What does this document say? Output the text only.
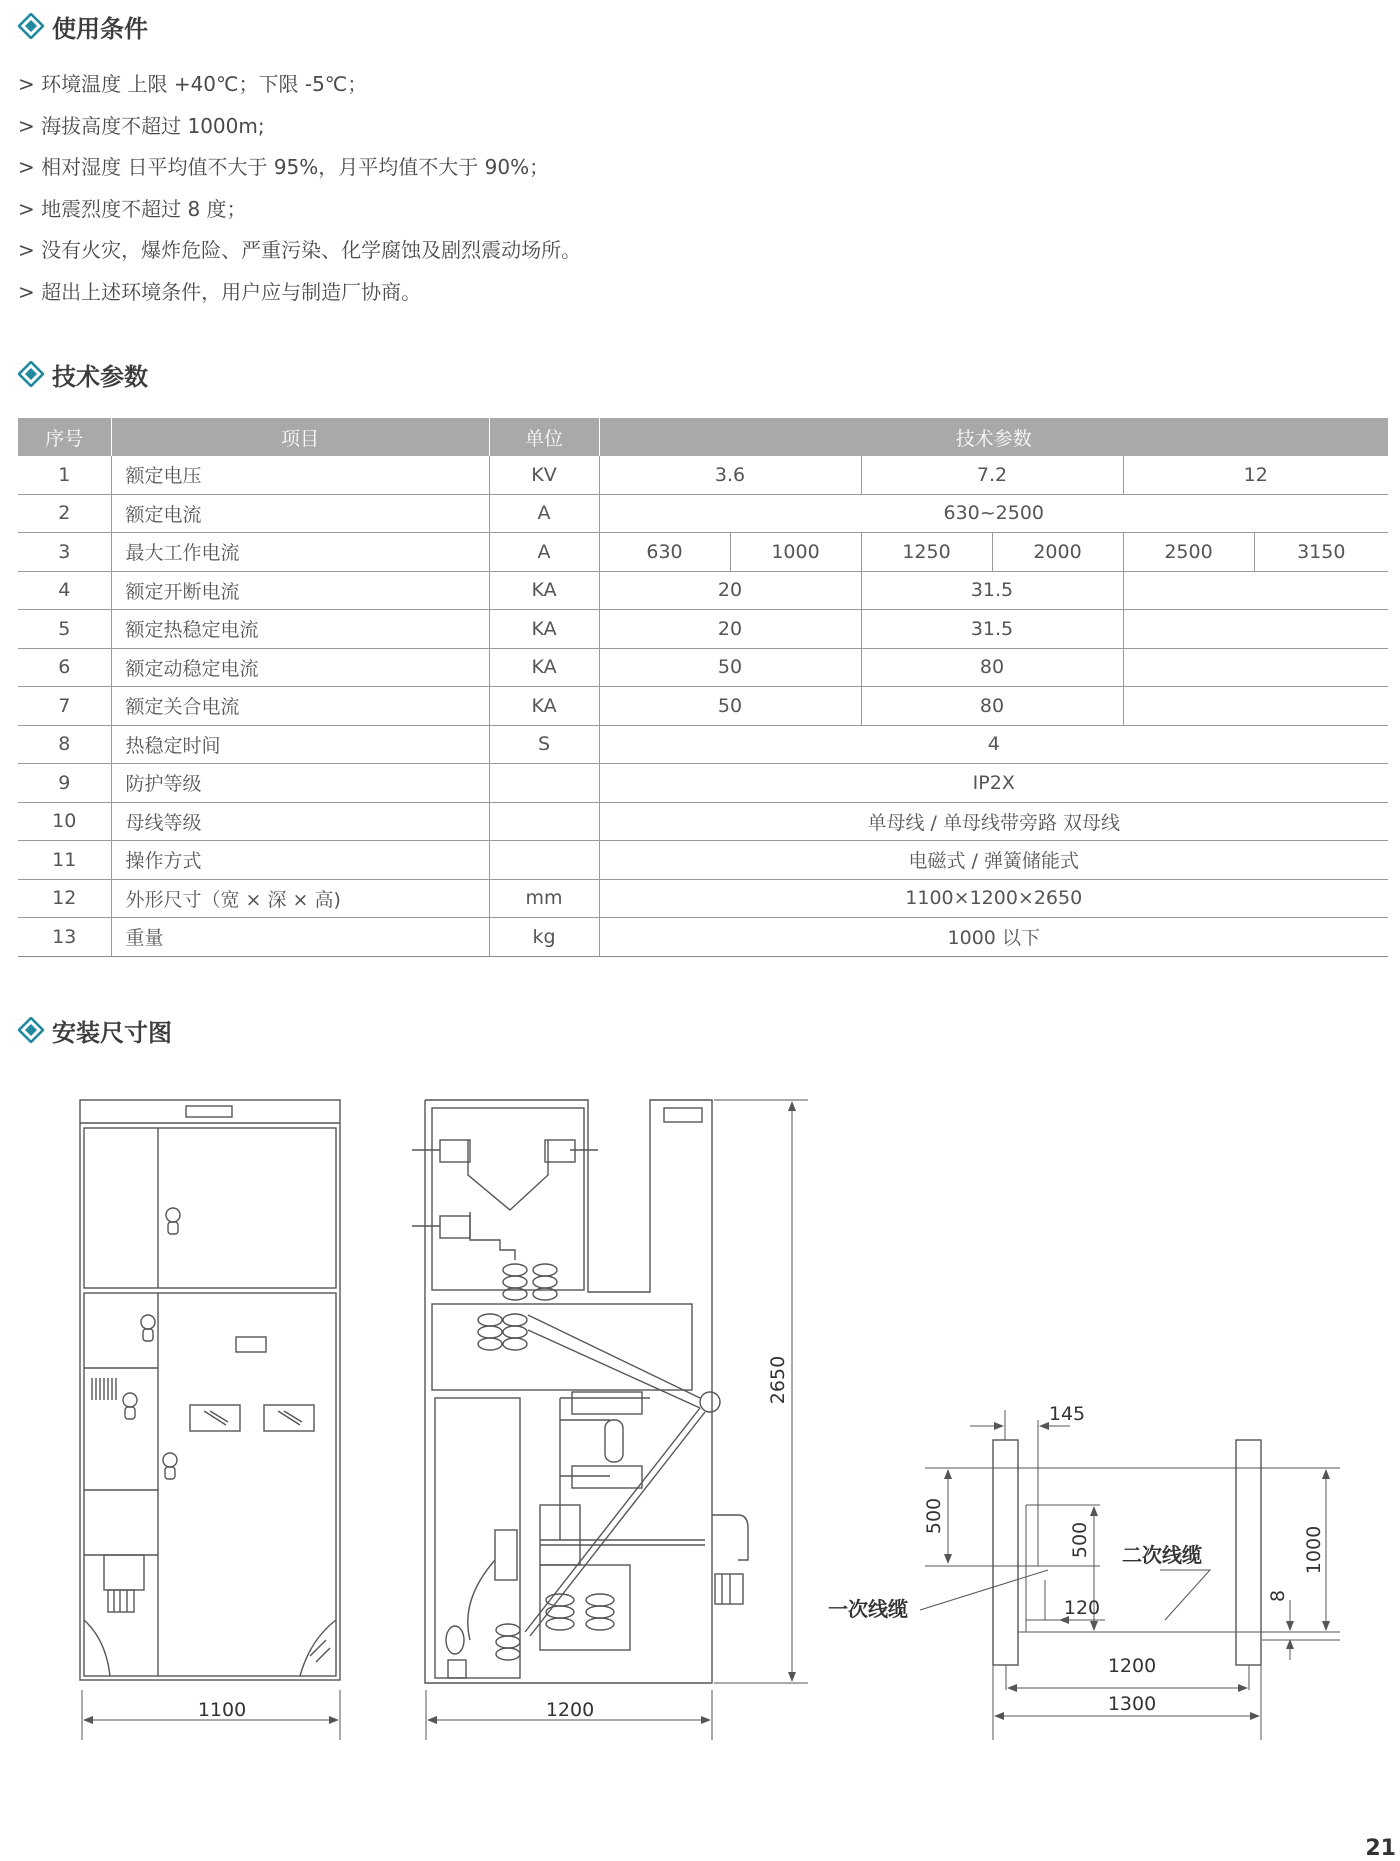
使用条件
> 环境温度 上限 +40℃；下限 -5℃；
> 海拔高度不超过 1000m;
> 相对湿度 日平均值不大于 95%，月平均值不大于 90%；
> 地震烈度不超过 8 度；
> 没有火灾，爆炸危险、严重污染、化学腐蚀及剧烈震动场所。
> 超出上述环境条件，用户应与制造厂协商。
技术参数
序号	项目	单位	技术参数					
1	额定电压	KV	3.6		7.2		12	
2	额定电流	A	630~2500					
3	最大工作电流	A	630	1000	1250	2000	2500	3150
4	额定开断电流	KA	20		31.5			
5	额定热稳定电流	KA	20		31.5			
6	额定动稳定电流	KA	50		80			
7	额定关合电流	KA	50		80			
8	热稳定时间	S	4					
9	防护等级		IP2X					
10	母线等级		单母线 / 单母线带旁路 双母线					
11	操作方式		电磁式 / 弹簧储能式					
12	外形尺寸（宽 × 深 × 高)	mm	1100×1200×2650					
13	重量	kg	1000 以下					
安装尺寸图
1100	1200
2650
145
500
500	1000
120
8
1200
1300
一次线缆
二次线缆
21
